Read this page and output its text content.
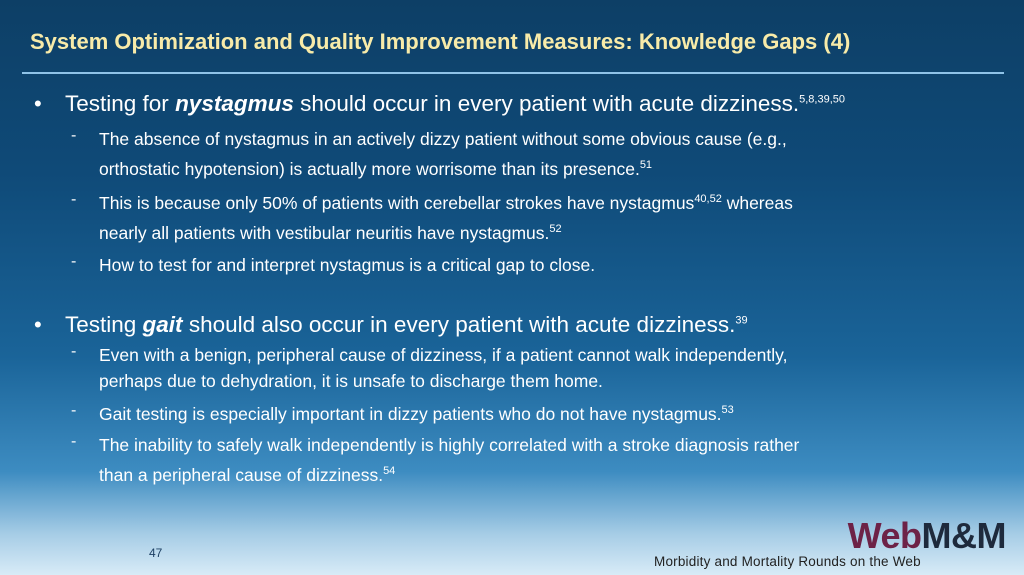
System Optimization and Quality Improvement Measures: Knowledge Gaps (4)
• Testing for nystagmus should occur in every patient with acute dizziness.$^{5,8,39,50}$
- The absence of nystagmus in an actively dizzy patient without some obvious cause (e.g.,
orthostatic hypotension) is actually more worrisome than its presence.$^{51}$
- This is because only 50% of patients with cerebellar strokes have nystagmus$^{40,52}$ whereas
nearly all patients with vestibular neuritis have nystagmus.$^{52}$
- How to test for and interpret nystagmus is a critical gap to close.
• Testing gait should also occur in every patient with acute dizziness.$^{39}$
- Even with a benign, peripheral cause of dizziness, if a patient cannot walk independently,
perhaps due to dehydration, it is unsafe to discharge them home.
- Gait testing is especially important in dizzy patients who do not have nystagmus.$^{53}$
- The inability to safely walk independently is highly correlated with a stroke diagnosis rather
than a peripheral cause of dizziness.$^{54}$
47	WebM&M
Morbidity and Mortality Rounds on the Web
